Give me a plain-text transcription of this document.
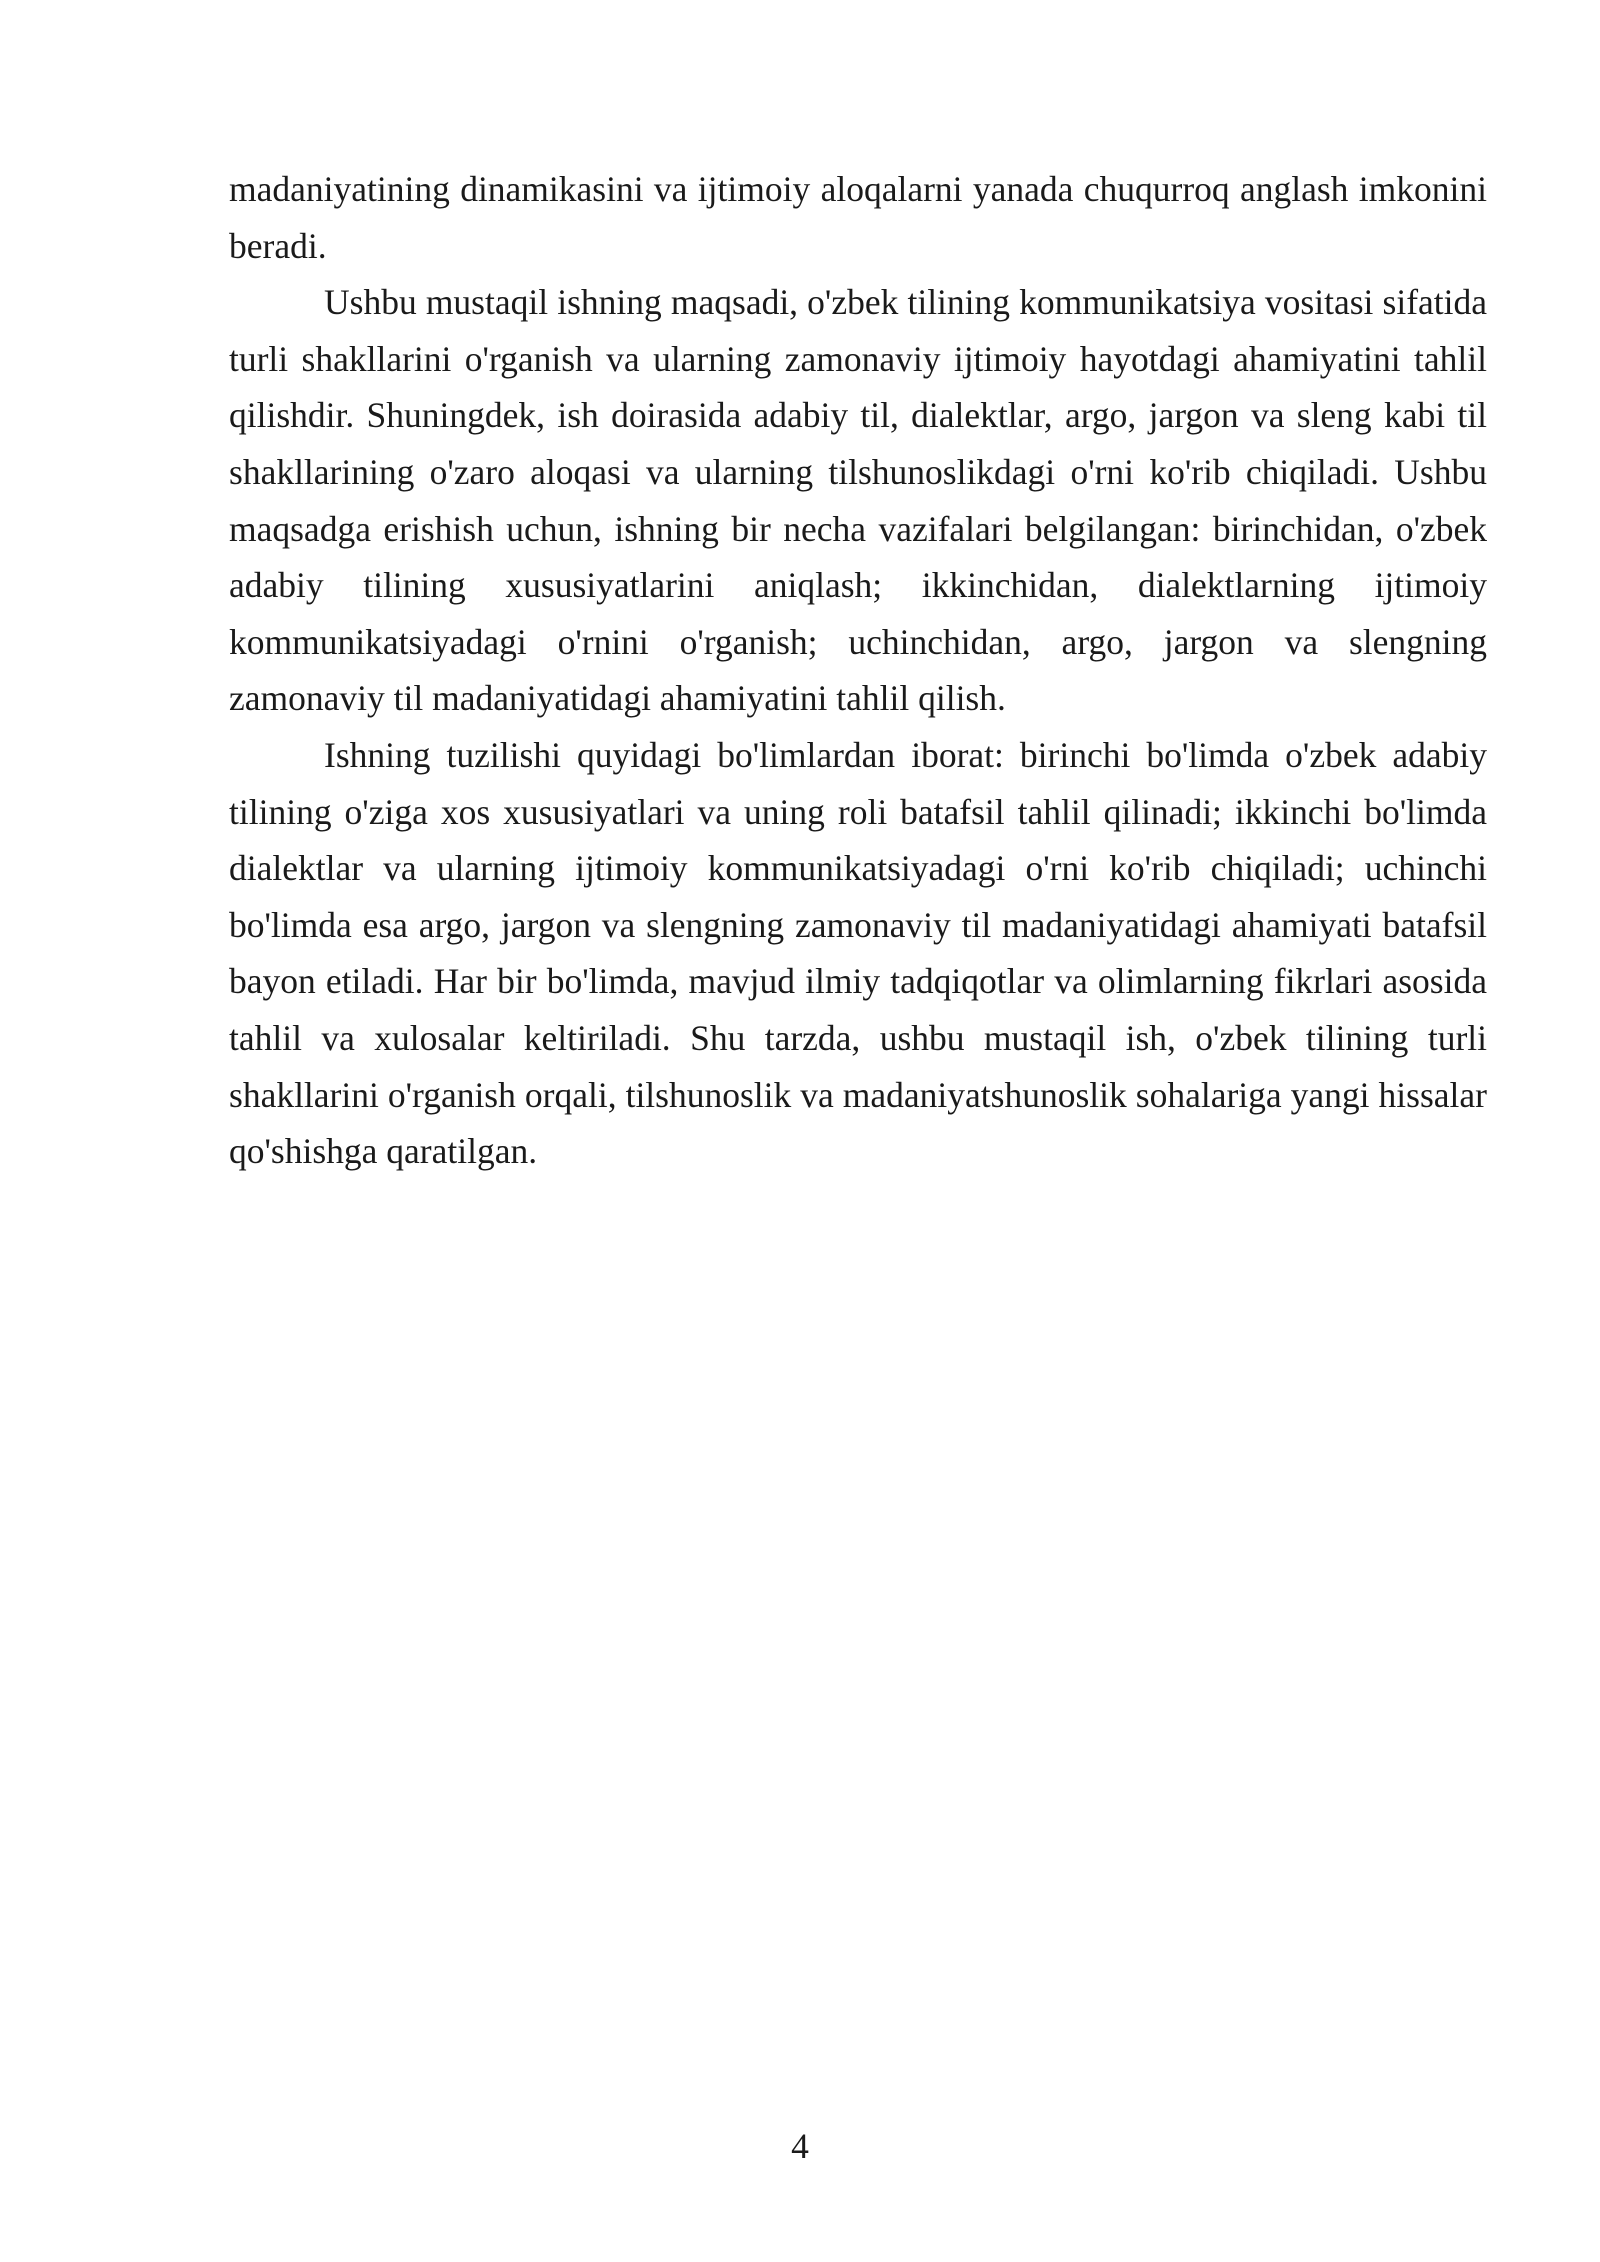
madaniyatining dinamikasini va ijtimoiy aloqalarni yanada chuqurroq anglash imkonini beradi.

Ushbu mustaqil ishning maqsadi, o'zbek tilining kommunikatsiya vositasi sifatida turli shakllarini o'rganish va ularning zamonaviy ijtimoiy hayotdagi ahamiyatini tahlil qilishdir. Shuningdek, ish doirasida adabiy til, dialektlar, argo, jargon va sleng kabi til shakllarining o'zaro aloqasi va ularning tilshunoslikdagi o'rni ko'rib chiqiladi. Ushbu maqsadga erishish uchun, ishning bir necha vazifalari belgilangan: birinchidan, o'zbek adabiy tilining xususiyatlarini aniqlash; ikkinchidan, dialektlarning ijtimoiy kommunikatsiyadagi o'rnini o'rganish; uchinchidan, argo, jargon va slengning zamonaviy til madaniyatidagi ahamiyatini tahlil qilish.

Ishning tuzilishi quyidagi bo'limlardan iborat: birinchi bo'limda o'zbek adabiy tilining o'ziga xos xususiyatlari va uning roli batafsil tahlil qilinadi; ikkinchi bo'limda dialektlar va ularning ijtimoiy kommunikatsiyadagi o'rni ko'rib chiqiladi; uchinchi bo'limda esa argo, jargon va slengning zamonaviy til madaniyatidagi ahamiyati batafsil bayon etiladi. Har bir bo'limda, mavjud ilmiy tadqiqotlar va olimlarning fikrlari asosida tahlil va xulosalar keltiriladi. Shu tarzda, ushbu mustaqil ish, o'zbek tilining turli shakllarini o'rganish orqali, tilshunoslik va madaniyatshunoslik sohalariga yangi hissalar qo'shishga qaratilgan.

4
